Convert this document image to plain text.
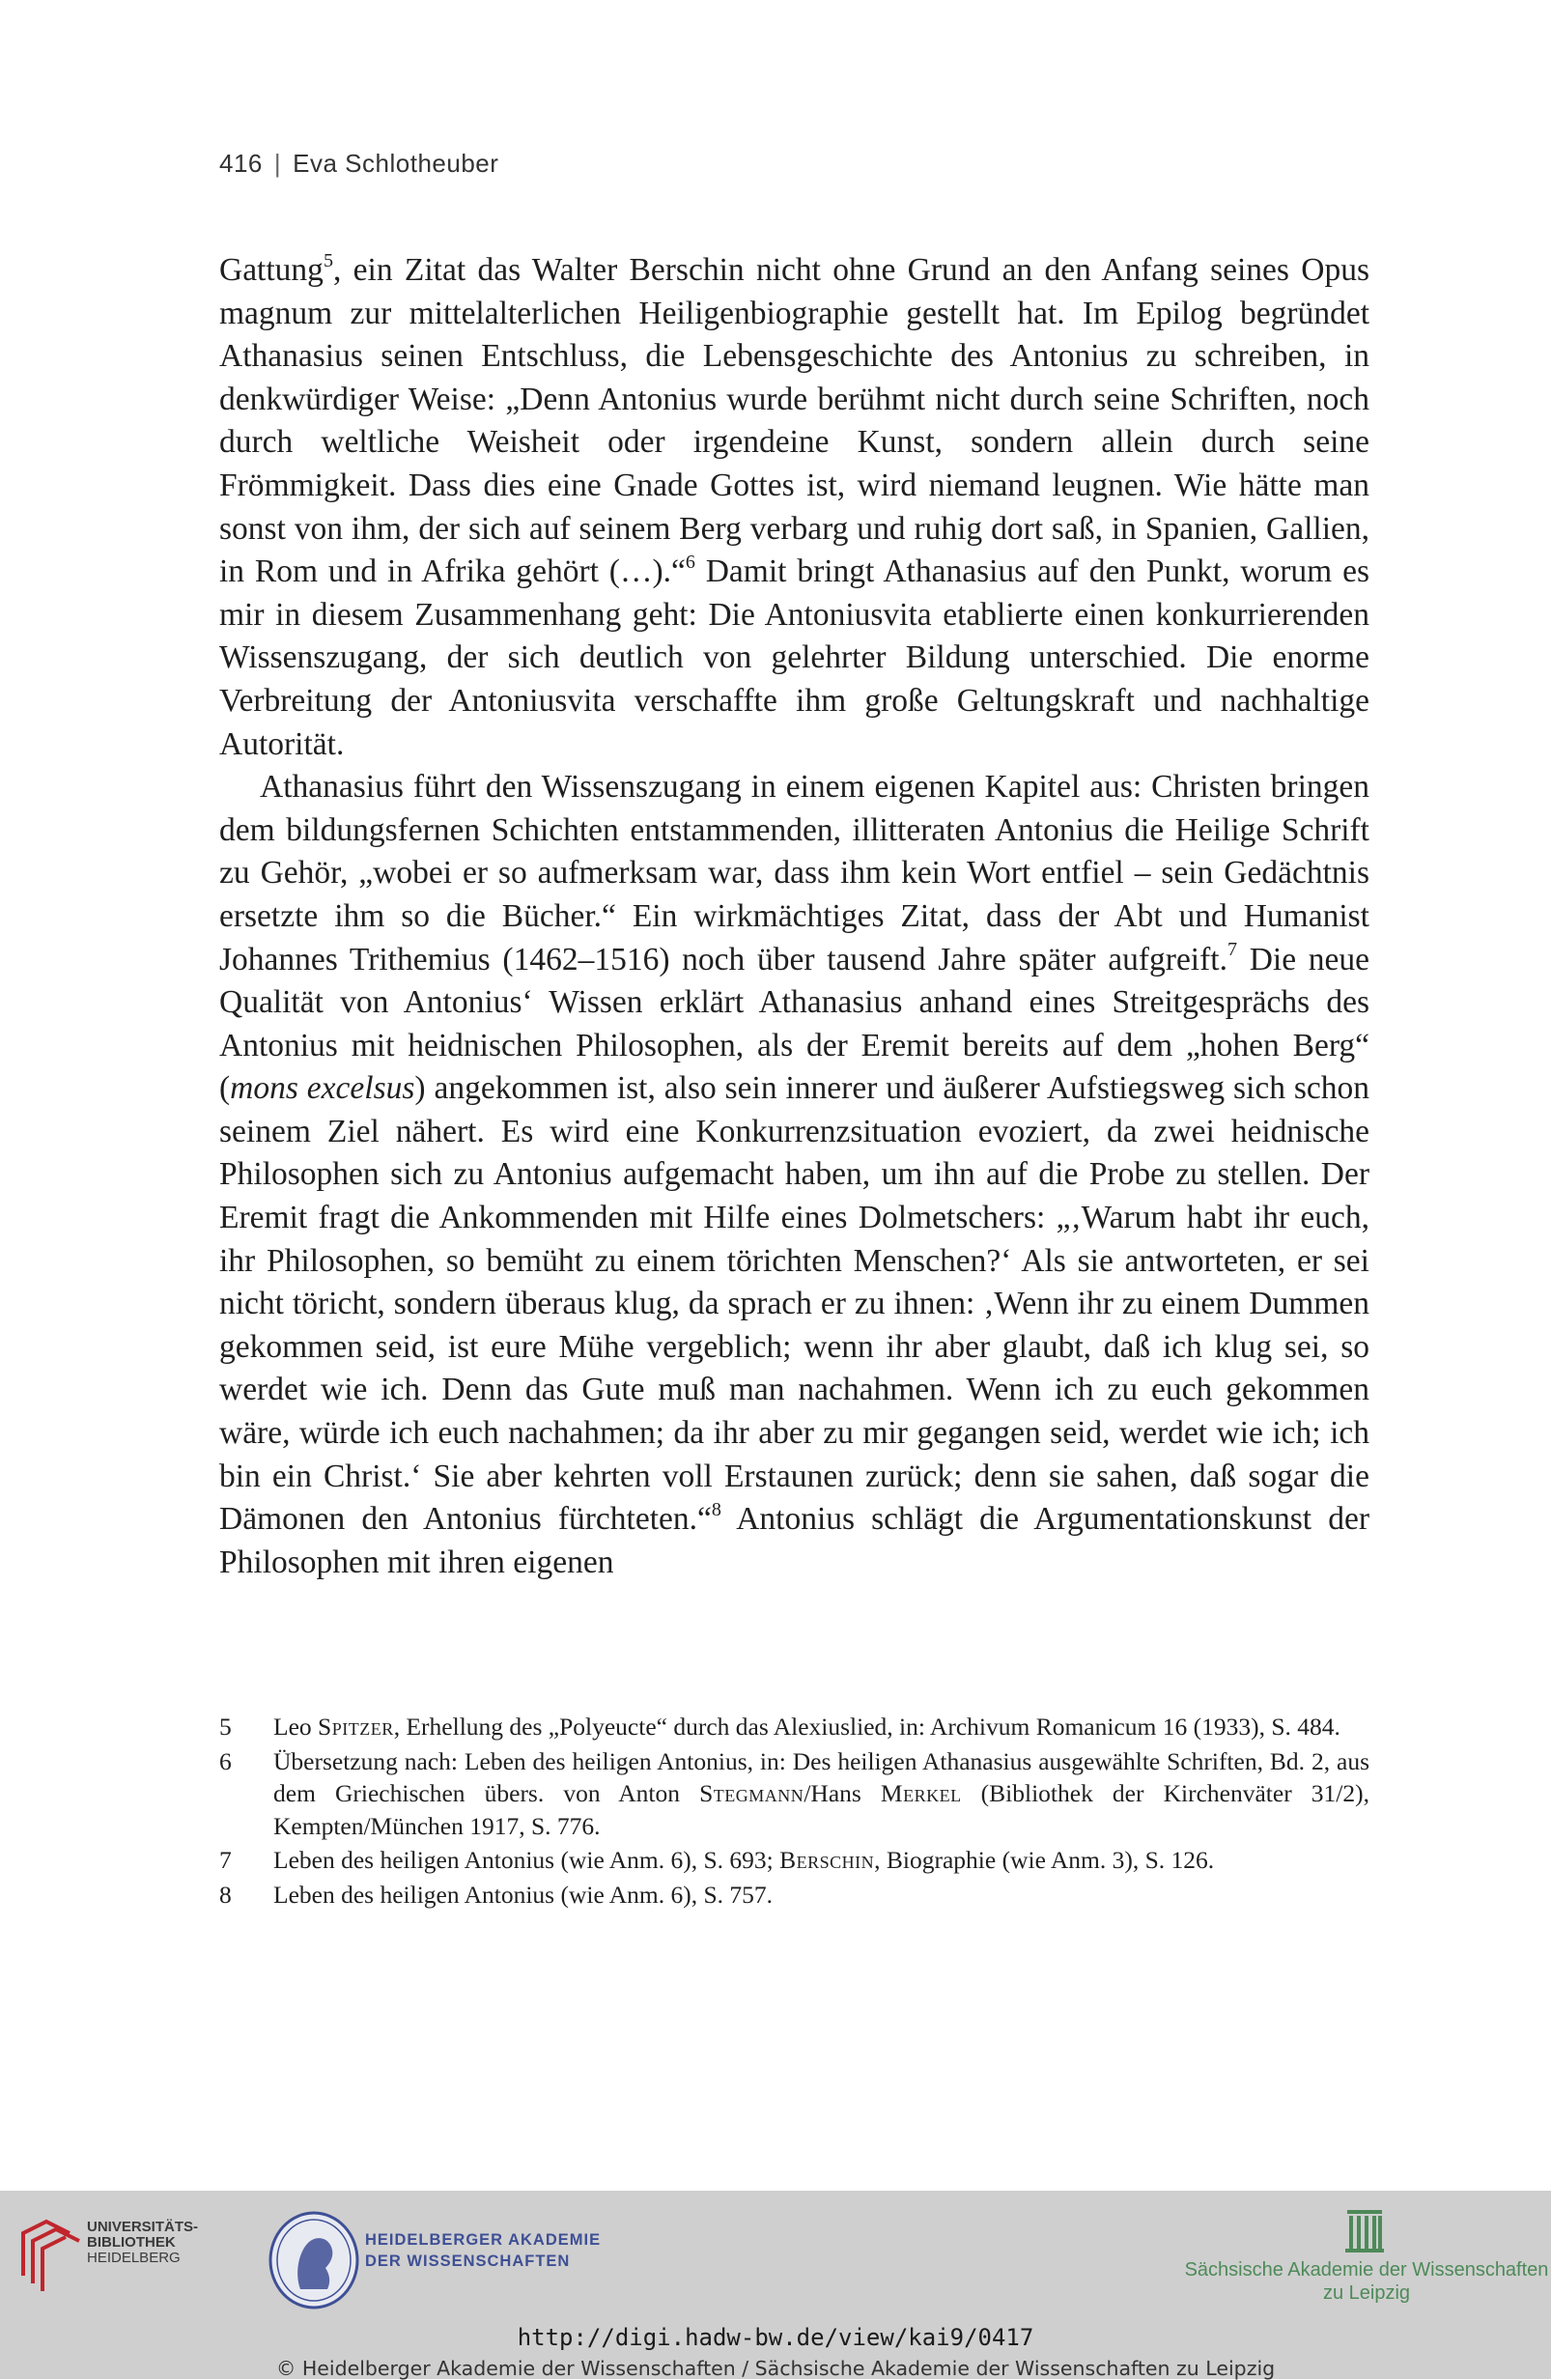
416 | Eva Schlotheuber

Gattung$^5$, ein Zitat das Walter Berschin nicht ohne Grund an den Anfang seines Opus magnum zur mittelalterlichen Heiligenbiographie gestellt hat. Im Epilog begründet Athanasius seinen Entschluss, die Lebensgeschichte des Antonius zu schreiben, in denkwürdiger Weise: „Denn Antonius wurde berühmt nicht durch seine Schriften, noch durch weltliche Weisheit oder irgendeine Kunst, sondern allein durch seine Frömmigkeit. Dass dies eine Gnade Gottes ist, wird niemand leugnen. Wie hätte man sonst von ihm, der sich auf seinem Berg verbarg und ruhig dort saß, in Spanien, Gallien, in Rom und in Afrika gehört (…).“$^6$ Damit bringt Athanasius auf den Punkt, worum es mir in diesem Zusammenhang geht: Die Antoniusvita etablierte einen konkurrierenden Wissenszugang, der sich deutlich von gelehrter Bildung unterschied. Die enorme Verbreitung der Antoniusvita verschaffte ihm große Geltungskraft und nachhaltige Autorität.

Athanasius führt den Wissenszugang in einem eigenen Kapitel aus: Christen bringen dem bildungsfernen Schichten entstammenden, illitteraten Antonius die Heilige Schrift zu Gehör, „wobei er so aufmerksam war, dass ihm kein Wort entfiel – sein Gedächtnis ersetzte ihm so die Bücher.“ Ein wirkmächtiges Zitat, dass der Abt und Humanist Johannes Trithemius (1462–1516) noch über tausend Jahre später aufgreift.$^7$ Die neue Qualität von Antonius‘ Wissen erklärt Athanasius anhand eines Streitgesprächs des Antonius mit heidnischen Philosophen, als der Eremit bereits auf dem „hohen Berg“ (mons excelsus) angekommen ist, also sein innerer und äußerer Aufstiegsweg sich schon seinem Ziel nähert. Es wird eine Konkurrenzsituation evoziert, da zwei heidnische Philosophen sich zu Antonius aufgemacht haben, um ihn auf die Probe zu stellen. Der Eremit fragt die Ankommenden mit Hilfe eines Dolmetschers: „‚Warum habt ihr euch, ihr Philosophen, so bemüht zu einem törichten Menschen?‘ Als sie antworteten, er sei nicht töricht, sondern überaus klug, da sprach er zu ihnen: ‚Wenn ihr zu einem Dummen gekommen seid, ist eure Mühe vergeblich; wenn ihr aber glaubt, daß ich klug sei, so werdet wie ich. Denn das Gute muß man nachahmen. Wenn ich zu euch gekommen wäre, würde ich euch nachahmen; da ihr aber zu mir gegangen seid, werdet wie ich; ich bin ein Christ.‘ Sie aber kehrten voll Erstaunen zurück; denn sie sahen, daß sogar die Dämonen den Antonius fürchteten.“$^8$ Antonius schlägt die Argumentationskunst der Philosophen mit ihren eigenen

5 Leo Spitzer, Erhellung des „Polyeucte“ durch das Alexiuslied, in: Archivum Romanicum 16 (1933), S. 484.
6 Übersetzung nach: Leben des heiligen Antonius, in: Des heiligen Athanasius ausgewählte Schriften, Bd. 2, aus dem Griechischen übers. von Anton Stegmann/Hans Merkel (Bibliothek der Kirchenväter 31/2), Kempten/München 1917, S. 776.
7 Leben des heiligen Antonius (wie Anm. 6), S. 693; Berschin, Biographie (wie Anm. 3), S. 126.
8 Leben des heiligen Antonius (wie Anm. 6), S. 757.
UNIVERSITÄTS-
BIBLIOTHEK
HEIDELBERG
HEIDELBERGER AKADEMIE
DER WISSENSCHAFTEN	Sächsische Akademie der Wissenschaften
zu Leipzig
http://digi.hadw-bw.de/view/kai9/0417
© Heidelberger Akademie der Wissenschaften / Sächsische Akademie der Wissenschaften zu Leipzig
